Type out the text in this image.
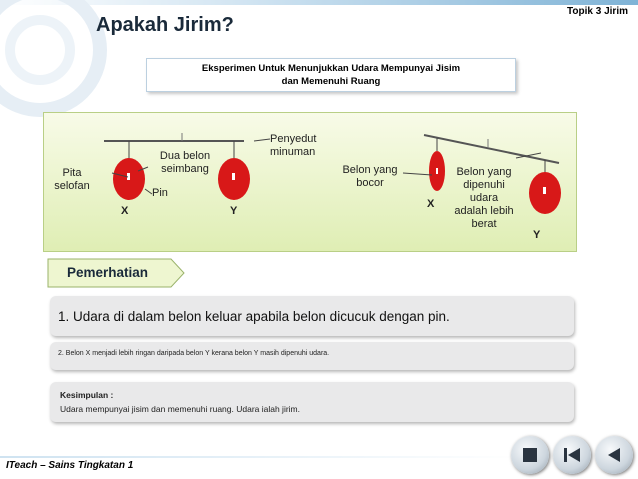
Topik 3 Jirim
Apakah Jirim?
Eksperimen Untuk Menunjukkan Udara Mempunyai Jisim
dan Memenuhi Ruang
Pita
selofan
Dua belon
seimbang
Pin
Penyedut
minuman
X	Y
Belon yang
bocor
Belon yang
dipenuhi
udara
adalah lebih
berat
X
Y
Pemerhatian
1. Udara di dalam belon keluar apabila belon dicucuk dengan pin.
2. Belon X menjadi lebih ringan daripada belon Y kerana belon Y masih dipenuhi udara.
Kesimpulan :
Udara mempunyai jisim dan memenuhi ruang. Udara ialah jirim.
ITeach – Sains Tingkatan 1
